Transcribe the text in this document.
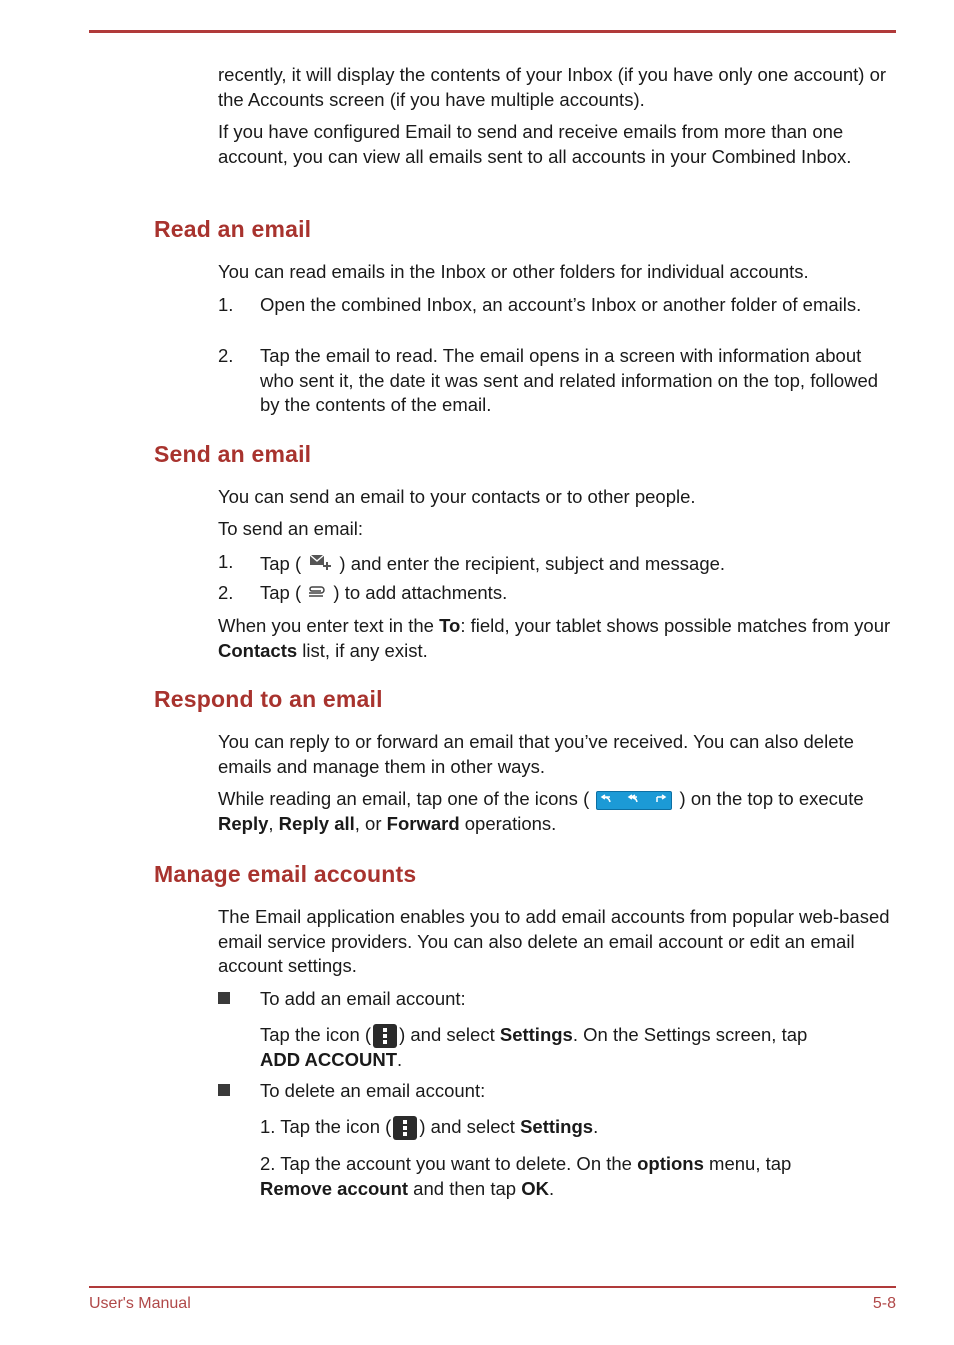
recently, it will display the contents of your Inbox (if you have only one account) or the Accounts screen (if you have multiple accounts).
If you have configured Email to send and receive emails from more than one account, you can view all emails sent to all accounts in your Combined Inbox.
Read an email
You can read emails in the Inbox or other folders for individual accounts.
1. Open the combined Inbox, an account’s Inbox or another folder of emails.
2. Tap the email to read. The email opens in a screen with information about who sent it, the date it was sent and related information on the top, followed by the contents of the email.
Send an email
You can send an email to your contacts or to other people.
To send an email:
1. Tap ( ) and enter the recipient, subject and message.
2. Tap ( ) to add attachments.
When you enter text in the To: field, your tablet shows possible matches from your Contacts list, if any exist.
Respond to an email
You can reply to or forward an email that you’ve received. You can also delete emails and manage them in other ways.
While reading an email, tap one of the icons (	) on the top to execute Reply, Reply all, or Forward operations.
Manage email accounts
The Email application enables you to add email accounts from popular web-based email service providers. You can also delete an email account or edit an email account settings.
To add an email account:
Tap the icon ( ) and select Settings. On the Settings screen, tap
ADD ACCOUNT.
To delete an email account:
1. Tap the icon ( ) and select Settings.
2. Tap the account you want to delete. On the options menu, tap
Remove account and then tap OK.
User's Manual	5-8
